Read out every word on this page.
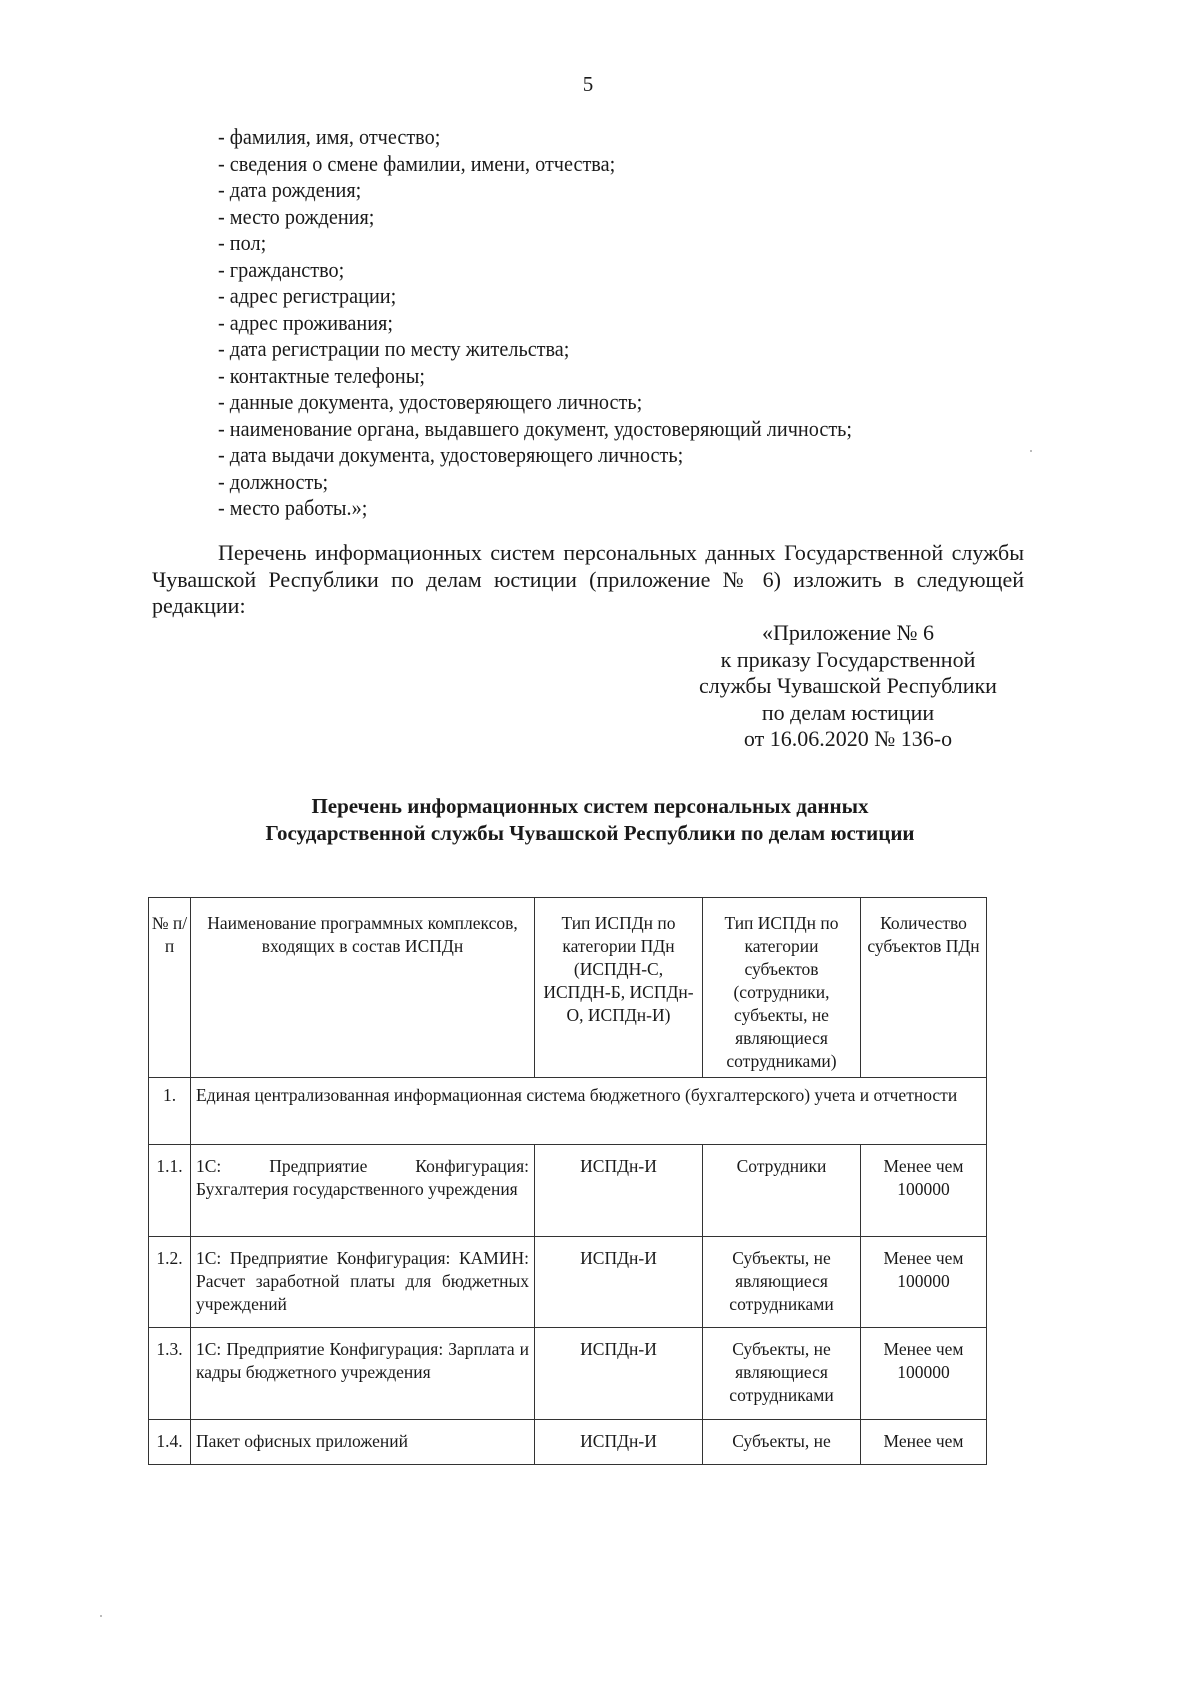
5
- фамилия, имя, отчество;
- сведения о смене фамилии, имени, отчества;
- дата рождения;
- место рождения;
- пол;
- гражданство;
- адрес регистрации;
- адрес проживания;
- дата регистрации по месту жительства;
- контактные телефоны;
- данные документа, удостоверяющего личность;
- наименование органа, выдавшего документ, удостоверяющий личность;
- дата выдачи документа, удостоверяющего личность;
- должность;
- место работы.»;

Перечень информационных систем персональных данных Государственной службы Чувашской Республики по делам юстиции (приложение № 6) изложить в следующей редакции:

«Приложение № 6
к приказу Государственной
службы Чувашской Республики
по делам юстиции
от 16.06.2020 № 136-о
Перечень информационных систем персональных данных
Государственной службы Чувашской Республики по делам юстиции
№ п/п	Наименование программных комплексов, входящих в состав ИСПДн	Тип ИСПДн по категории ПДн (ИСПДН-С, ИСПДН-Б, ИСПДн-О, ИСПДн-И)	Тип ИСПДн по категории субъектов (сотрудники, субъекты, не являющиеся сотрудниками)	Количество субъектов ПДн
1.	Единая централизованная информационная система бюджетного (бухгалтерского) учета и отчетности			
1.1.	1С: Предприятие Конфигурация: Бухгалтерия государственного учреждения	ИСПДн-И	Сотрудники	Менее чем 100000
1.2.	1С: Предприятие Конфигурация: КАМИН: Расчет заработной платы для бюджетных учреждений	ИСПДн-И	Субъекты, не являющиеся сотрудниками	Менее чем 100000
1.3.	1С: Предприятие Конфигурация: Зарплата и кадры бюджетного учреждения	ИСПДн-И	Субъекты, не являющиеся сотрудниками	Менее чем 100000
1.4.	Пакет офисных приложений	ИСПДн-И	Субъекты, не	Менее чем
